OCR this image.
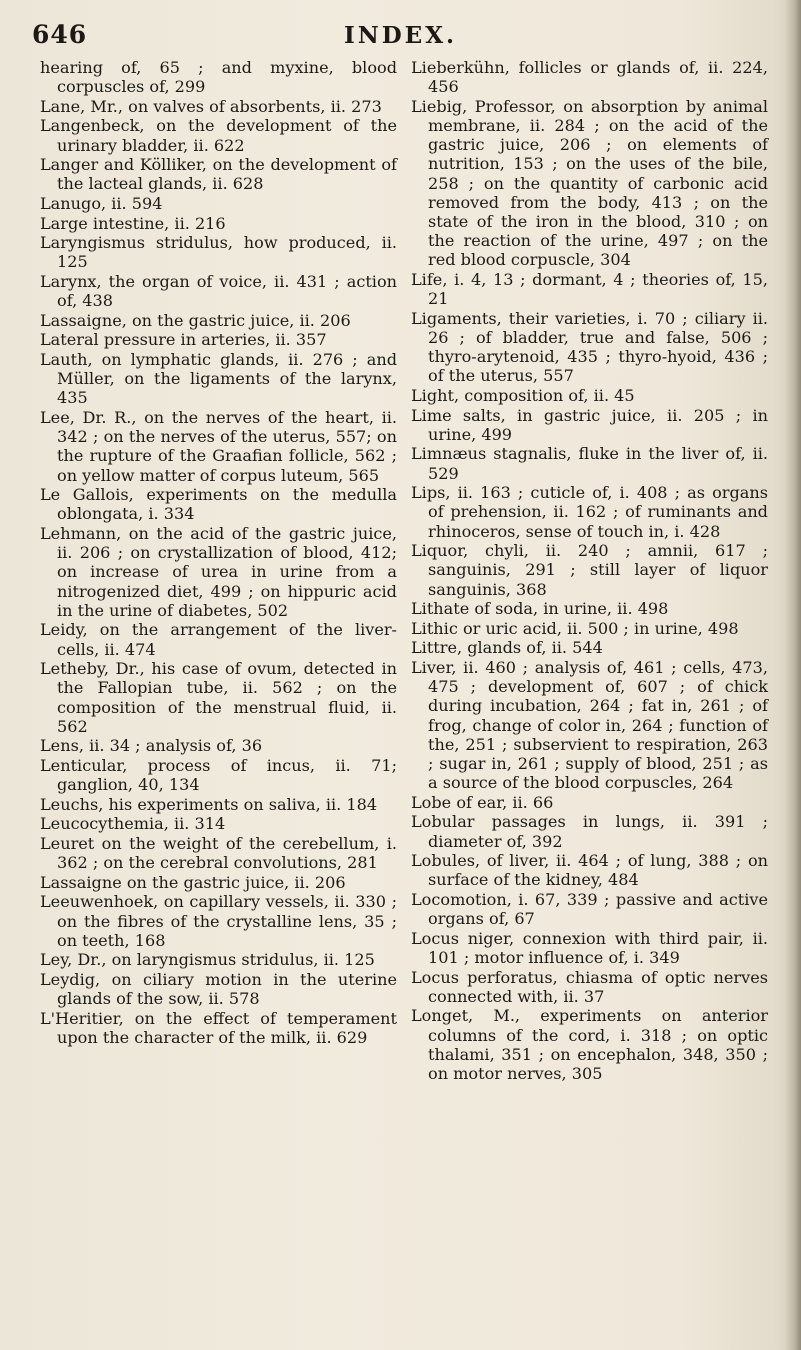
646	INDEX.

hearing of, 65 ; and myxine, blood corpuscles of, 299

Lane, Mr., on valves of absorbents, ii. 273

Langenbeck, on the development of the urinary bladder, ii. 622

Langer and Kölliker, on the development of the lacteal glands, ii. 628

Lanugo, ii. 594

Large intestine, ii. 216

Laryngismus stridulus, how produced, ii. 125

Larynx, the organ of voice, ii. 431 ; action of, 438

Lassaigne, on the gastric juice, ii. 206

Lateral pressure in arteries, ii. 357

Lauth, on lymphatic glands, ii. 276 ; and Müller, on the ligaments of the larynx, 435

Lee, Dr. R., on the nerves of the heart, ii. 342 ; on the nerves of the uterus, 557; on the rupture of the Graafian follicle, 562 ; on yellow matter of corpus luteum, 565

Le Gallois, experiments on the medulla oblongata, i. 334

Lehmann, on the acid of the gastric juice, ii. 206 ; on crystallization of blood, 412; on increase of urea in urine from a nitrogenized diet, 499 ; on hippuric acid in the urine of diabetes, 502

Leidy, on the arrangement of the liver-cells, ii. 474

Letheby, Dr., his case of ovum, detected in the Fallopian tube, ii. 562 ; on the composition of the menstrual fluid, ii. 562

Lens, ii. 34 ; analysis of, 36

Lenticular, process of incus, ii. 71; ganglion, 40, 134

Leuchs, his experiments on saliva, ii. 184

Leucocythemia, ii. 314

Leuret on the weight of the cerebellum, i. 362 ; on the cerebral convolutions, 281

Lassaigne on the gastric juice, ii. 206

Leeuwenhoek, on capillary vessels, ii. 330 ; on the fibres of the crystalline lens, 35 ; on teeth, 168

Ley, Dr., on laryngismus stridulus, ii. 125

Leydig, on ciliary motion in the uterine glands of the sow, ii. 578

L'Heritier, on the effect of temperament upon the character of the milk, ii. 629

Lieberkühn, follicles or glands of, ii. 224, 456

Liebig, Professor, on absorption by animal membrane, ii. 284 ; on the acid of the gastric juice, 206 ; on elements of nutrition, 153 ; on the uses of the bile, 258 ; on the quantity of carbonic acid removed from the body, 413 ; on the state of the iron in the blood, 310 ; on the reaction of the urine, 497 ; on the red blood corpuscle, 304

Life, i. 4, 13 ; dormant, 4 ; theories of, 15, 21

Ligaments, their varieties, i. 70 ; ciliary ii. 26 ; of bladder, true and false, 506 ; thyro-arytenoid, 435 ; thyro-hyoid, 436 ; of the uterus, 557

Light, composition of, ii. 45

Lime salts, in gastric juice, ii. 205 ; in urine, 499

Limnæus stagnalis, fluke in the liver of, ii. 529

Lips, ii. 163 ; cuticle of, i. 408 ; as organs of prehension, ii. 162 ; of ruminants and rhinoceros, sense of touch in, i. 428

Liquor, chyli, ii. 240 ; amnii, 617 ; sanguinis, 291 ; still layer of liquor sanguinis, 368

Lithate of soda, in urine, ii. 498

Lithic or uric acid, ii. 500 ; in urine, 498

Littre, glands of, ii. 544

Liver, ii. 460 ; analysis of, 461 ; cells, 473, 475 ; development of, 607 ; of chick during incubation, 264 ; fat in, 261 ; of frog, change of color in, 264 ; function of the, 251 ; subservient to respiration, 263 ; sugar in, 261 ; supply of blood, 251 ; as a source of the blood corpuscles, 264

Lobe of ear, ii. 66

Lobular passages in lungs, ii. 391 ; diameter of, 392

Lobules, of liver, ii. 464 ; of lung, 388 ; on surface of the kidney, 484

Locomotion, i. 67, 339 ; passive and active organs of, 67

Locus niger, connexion with third pair, ii. 101 ; motor influence of, i. 349

Locus perforatus, chiasma of optic nerves connected with, ii. 37

Longet, M., experiments on anterior columns of the cord, i. 318 ; on optic thalami, 351 ; on encephalon, 348, 350 ; on motor nerves, 305
